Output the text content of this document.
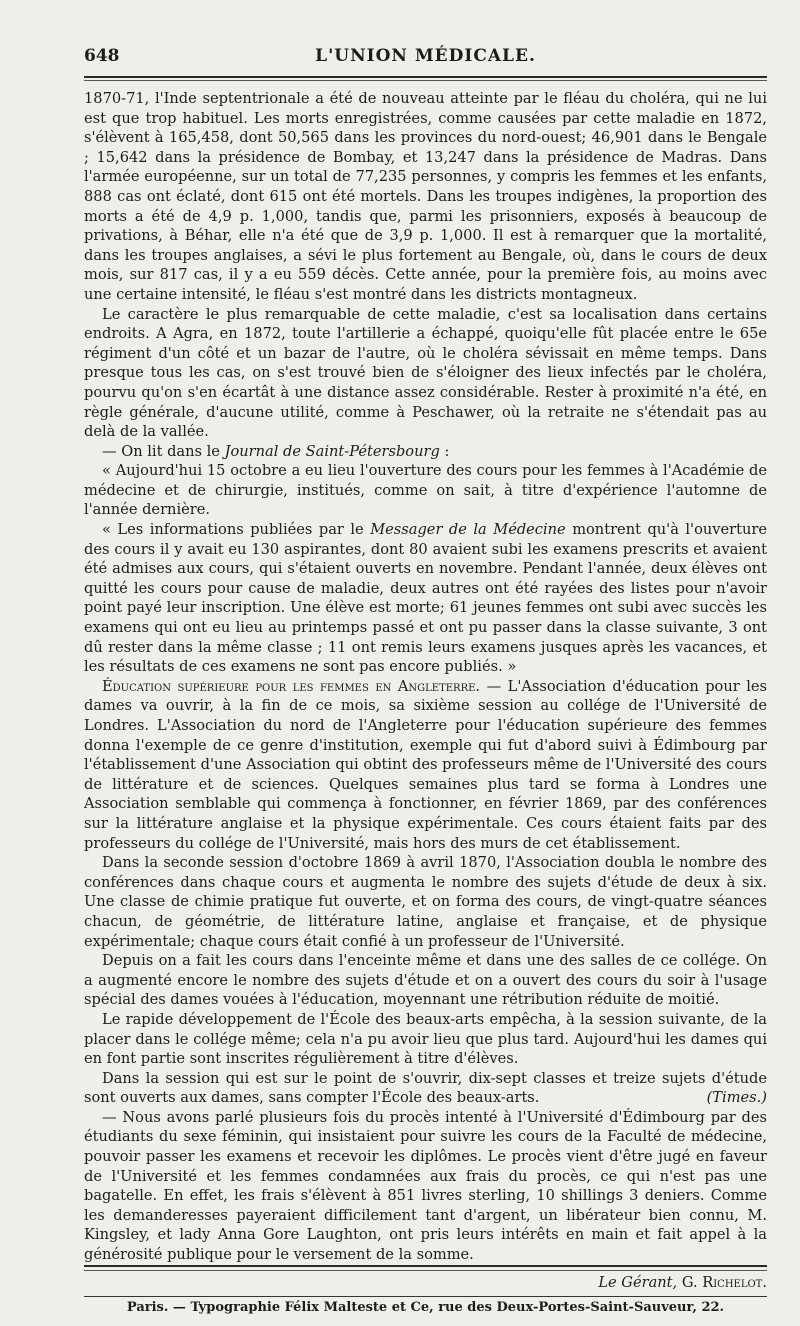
648	L'UNION MÉDICALE.

1870-71, l'Inde septentrionale a été de nouveau atteinte par le fléau du choléra, qui ne lui est que trop habituel. Les morts enregistrées, comme causées par cette maladie en 1872, s'élèvent à 165,458, dont 50,565 dans les provinces du nord-ouest; 46,901 dans le Bengale ; 15,642 dans la présidence de Bombay, et 13,247 dans la présidence de Madras. Dans l'armée européenne, sur un total de 77,235 personnes, y compris les femmes et les enfants, 888 cas ont éclaté, dont 615 ont été mortels. Dans les troupes indigènes, la proportion des morts a été de 4,9 p. 1,000, tandis que, parmi les prisonniers, exposés à beaucoup de privations, à Béhar, elle n'a été que de 3,9 p. 1,000. Il est à remarquer que la mortalité, dans les troupes anglaises, a sévi le plus fortement au Bengale, où, dans le cours de deux mois, sur 817 cas, il y a eu 559 décès. Cette année, pour la première fois, au moins avec une certaine intensité, le fléau s'est montré dans les districts montagneux.

Le caractère le plus remarquable de cette maladie, c'est sa localisation dans certains endroits. A Agra, en 1872, toute l'artillerie a échappé, quoiqu'elle fût placée entre le 65e régiment d'un côté et un bazar de l'autre, où le choléra sévissait en même temps. Dans presque tous les cas, on s'est trouvé bien de s'éloigner des lieux infectés par le choléra, pourvu qu'on s'en écartât à une distance assez considérable. Rester à proximité n'a été, en règle générale, d'aucune utilité, comme à Peschawer, où la retraite ne s'étendait pas au delà de la vallée.

— On lit dans le Journal de Saint-Pétersbourg :

« Aujourd'hui 15 octobre a eu lieu l'ouverture des cours pour les femmes à l'Académie de médecine et de chirurgie, institués, comme on sait, à titre d'expérience l'automne de l'année dernière.

« Les informations publiées par le Messager de la Médecine montrent qu'à l'ouverture des cours il y avait eu 130 aspirantes, dont 80 avaient subi les examens prescrits et avaient été admises aux cours, qui s'étaient ouverts en novembre. Pendant l'année, deux élèves ont quitté les cours pour cause de maladie, deux autres ont été rayées des listes pour n'avoir point payé leur inscription. Une élève est morte; 61 jeunes femmes ont subi avec succès les examens qui ont eu lieu au printemps passé et ont pu passer dans la classe suivante, 3 ont dû rester dans la même classe ; 11 ont remis leurs examens jusques après les vacances, et les résultats de ces examens ne sont pas encore publiés. »

Éducation supérieure pour les femmes en Angleterre. — L'Association d'éducation pour les dames va ouvrir, à la fin de ce mois, sa sixième session au collége de l'Université de Londres. L'Association du nord de l'Angleterre pour l'éducation supérieure des femmes donna l'exemple de ce genre d'institution, exemple qui fut d'abord suivi à Édimbourg par l'établissement d'une Association qui obtint des professeurs même de l'Université des cours de littérature et de sciences. Quelques semaines plus tard se forma à Londres une Association semblable qui commença à fonctionner, en février 1869, par des conférences sur la littérature anglaise et la physique expérimentale. Ces cours étaient faits par des professeurs du collége de l'Université, mais hors des murs de cet établissement.

Dans la seconde session d'octobre 1869 à avril 1870, l'Association doubla le nombre des conférences dans chaque cours et augmenta le nombre des sujets d'étude de deux à six. Une classe de chimie pratique fut ouverte, et on forma des cours, de vingt-quatre séances chacun, de géométrie, de littérature latine, anglaise et française, et de physique expérimentale; chaque cours était confié à un professeur de l'Université.

Depuis on a fait les cours dans l'enceinte même et dans une des salles de ce collége. On a augmenté encore le nombre des sujets d'étude et on a ouvert des cours du soir à l'usage spécial des dames vouées à l'éducation, moyennant une rétribution réduite de moitié.

Le rapide développement de l'École des beaux-arts empêcha, à la session suivante, de la placer dans le collége même; cela n'a pu avoir lieu que plus tard. Aujourd'hui les dames qui en font partie sont inscrites régulièrement à titre d'élèves.

Dans la session qui est sur le point de s'ouvrir, dix-sept classes et treize sujets d'étude sont ouverts aux dames, sans compter l'École des beaux-arts.	(Times.)

— Nous avons parlé plusieurs fois du procès intenté à l'Université d'Édimbourg par des étudiants du sexe féminin, qui insistaient pour suivre les cours de la Faculté de médecine, pouvoir passer les examens et recevoir les diplômes. Le procès vient d'être jugé en faveur de l'Université et les femmes condamnées aux frais du procès, ce qui n'est pas une bagatelle. En effet, les frais s'élèvent à 851 livres sterling, 10 shillings 3 deniers. Comme les demanderesses payeraient difficilement tant d'argent, un libérateur bien connu, M. Kingsley, et lady Anna Gore Laughton, ont pris leurs intérêts en main et fait appel à la générosité publique pour le versement de la somme.

Le Gérant, G. Richelot.
Paris. — Typographie Félix Malteste et Ce, rue des Deux-Portes-Saint-Sauveur, 22.
